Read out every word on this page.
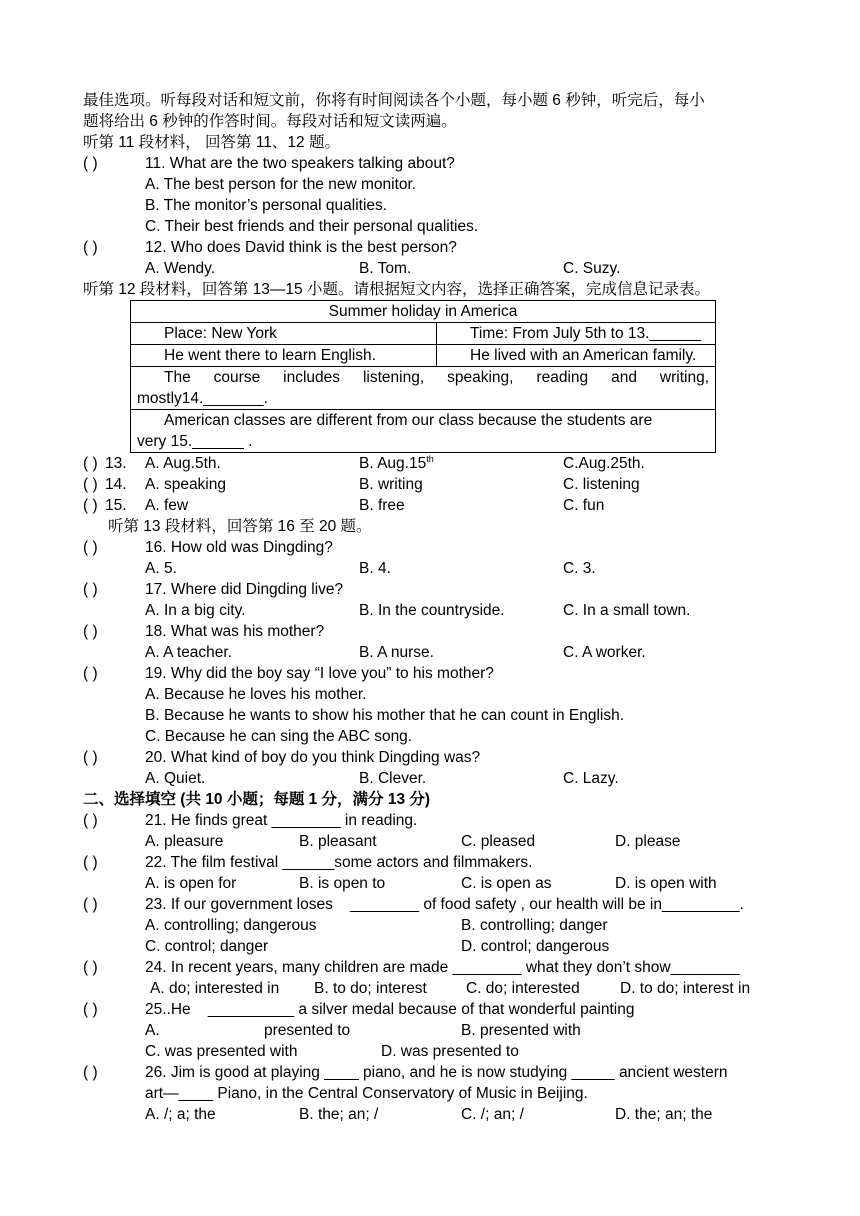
最佳选项。听每段对话和短文前，你将有时间阅读各个小题，每小题 6 秒钟，听完后，每小
题将给出 6 秒钟的作答时间。每段对话和短文读两遍。
听第 11 段材料， 回答第 11、12 题。
( )	11. What are the two speakers talking about?
A. The best person for the new monitor.
B. The monitor’s personal qualities.
C. Their best friends and their personal qualities.
( )	12. Who does David think is the best person?
A. Wendy.	B. Tom.	C. Suzy.
听第 12 段材料，回答第 13—15 小题。请根据短文内容，选择正确答案，完成信息记录表。
Summer holiday in America	
Place: New York	Time: From July 5th to 13.______
He went there to learn English.	He lived with an American family.

The course includes listening, speaking, reading and writing,
mostly14._______.	

American classes are different from our class because the students are
very 15.______ .	
( ) 13. A. Aug.5th.	B. Aug.15th	C.Aug.25th.
( ) 14. A. speaking	B. writing	C. listening
( ) 15. A. few	B. free	C. fun
听第 13 段材料，回答第 16 至 20 题。
( )	16. How old was Dingding?
A. 5.	B. 4.	C. 3.
( )	17. Where did Dingding live?
A. In a big city.	B. In the countryside.	C. In a small town.
( )	18. What was his mother?
A. A teacher.	B. A nurse.	C. A worker.
( )	19. Why did the boy say “I love you” to his mother?
A. Because he loves his mother.
B. Because he wants to show his mother that he can count in English.
C. Because he can sing the ABC song.
( )	20. What kind of boy do you think Dingding was?
A. Quiet.	B. Clever.	C. Lazy.
二、选择填空 (共 10 小题；每题 1 分，满分 13 分)
( )	21. He finds great ________ in reading.
A. pleasure	B. pleasant	C. pleased	D. please
( )	22. The film festival ______some actors and filmmakers.
A. is open for	B. is open to	C. is open as	D. is open with
( )	23. If our government loses    ________ of food safety , our health will be in_________.
A. controlling; dangerous	B. controlling; danger
C. control; danger	D. control; dangerous
( )	24. In recent years, many children are made ________ what they don’t show________
A. do; interested in B. to do; interest	C. do; interested	D. to do; interest in
( )	25..He    __________ a silver medal because of that wonderful painting
A.	presented to	B. presented with
C. was presented with	D. was presented to
( )	26. Jim is good at playing ____ piano, and he is now studying _____ ancient western
art—____ Piano, in the Central Conservatory of Music in Beijing.
A. /; a; the	B. the; an; /	C. /; an; /	D. the; an; the
